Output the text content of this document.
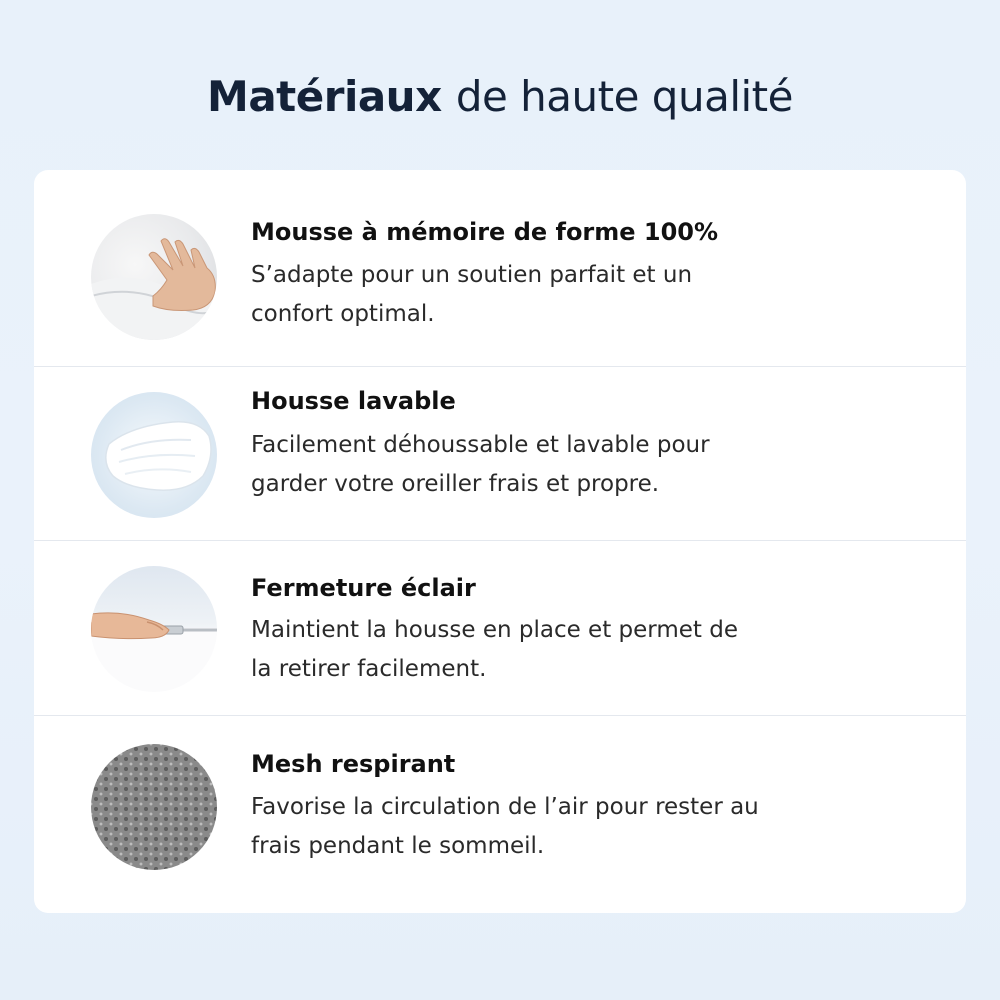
Matériaux de haute qualité
Mousse à mémoire de forme 100%
S’adapte pour un soutien parfait et un
confort optimal.
Housse lavable
Facilement déhoussable et lavable pour
garder votre oreiller frais et propre.
Fermeture éclair
Maintient la housse en place et permet de
la retirer facilement.
Mesh respirant
Favorise la circulation de l’air pour rester au
frais pendant le sommeil.
